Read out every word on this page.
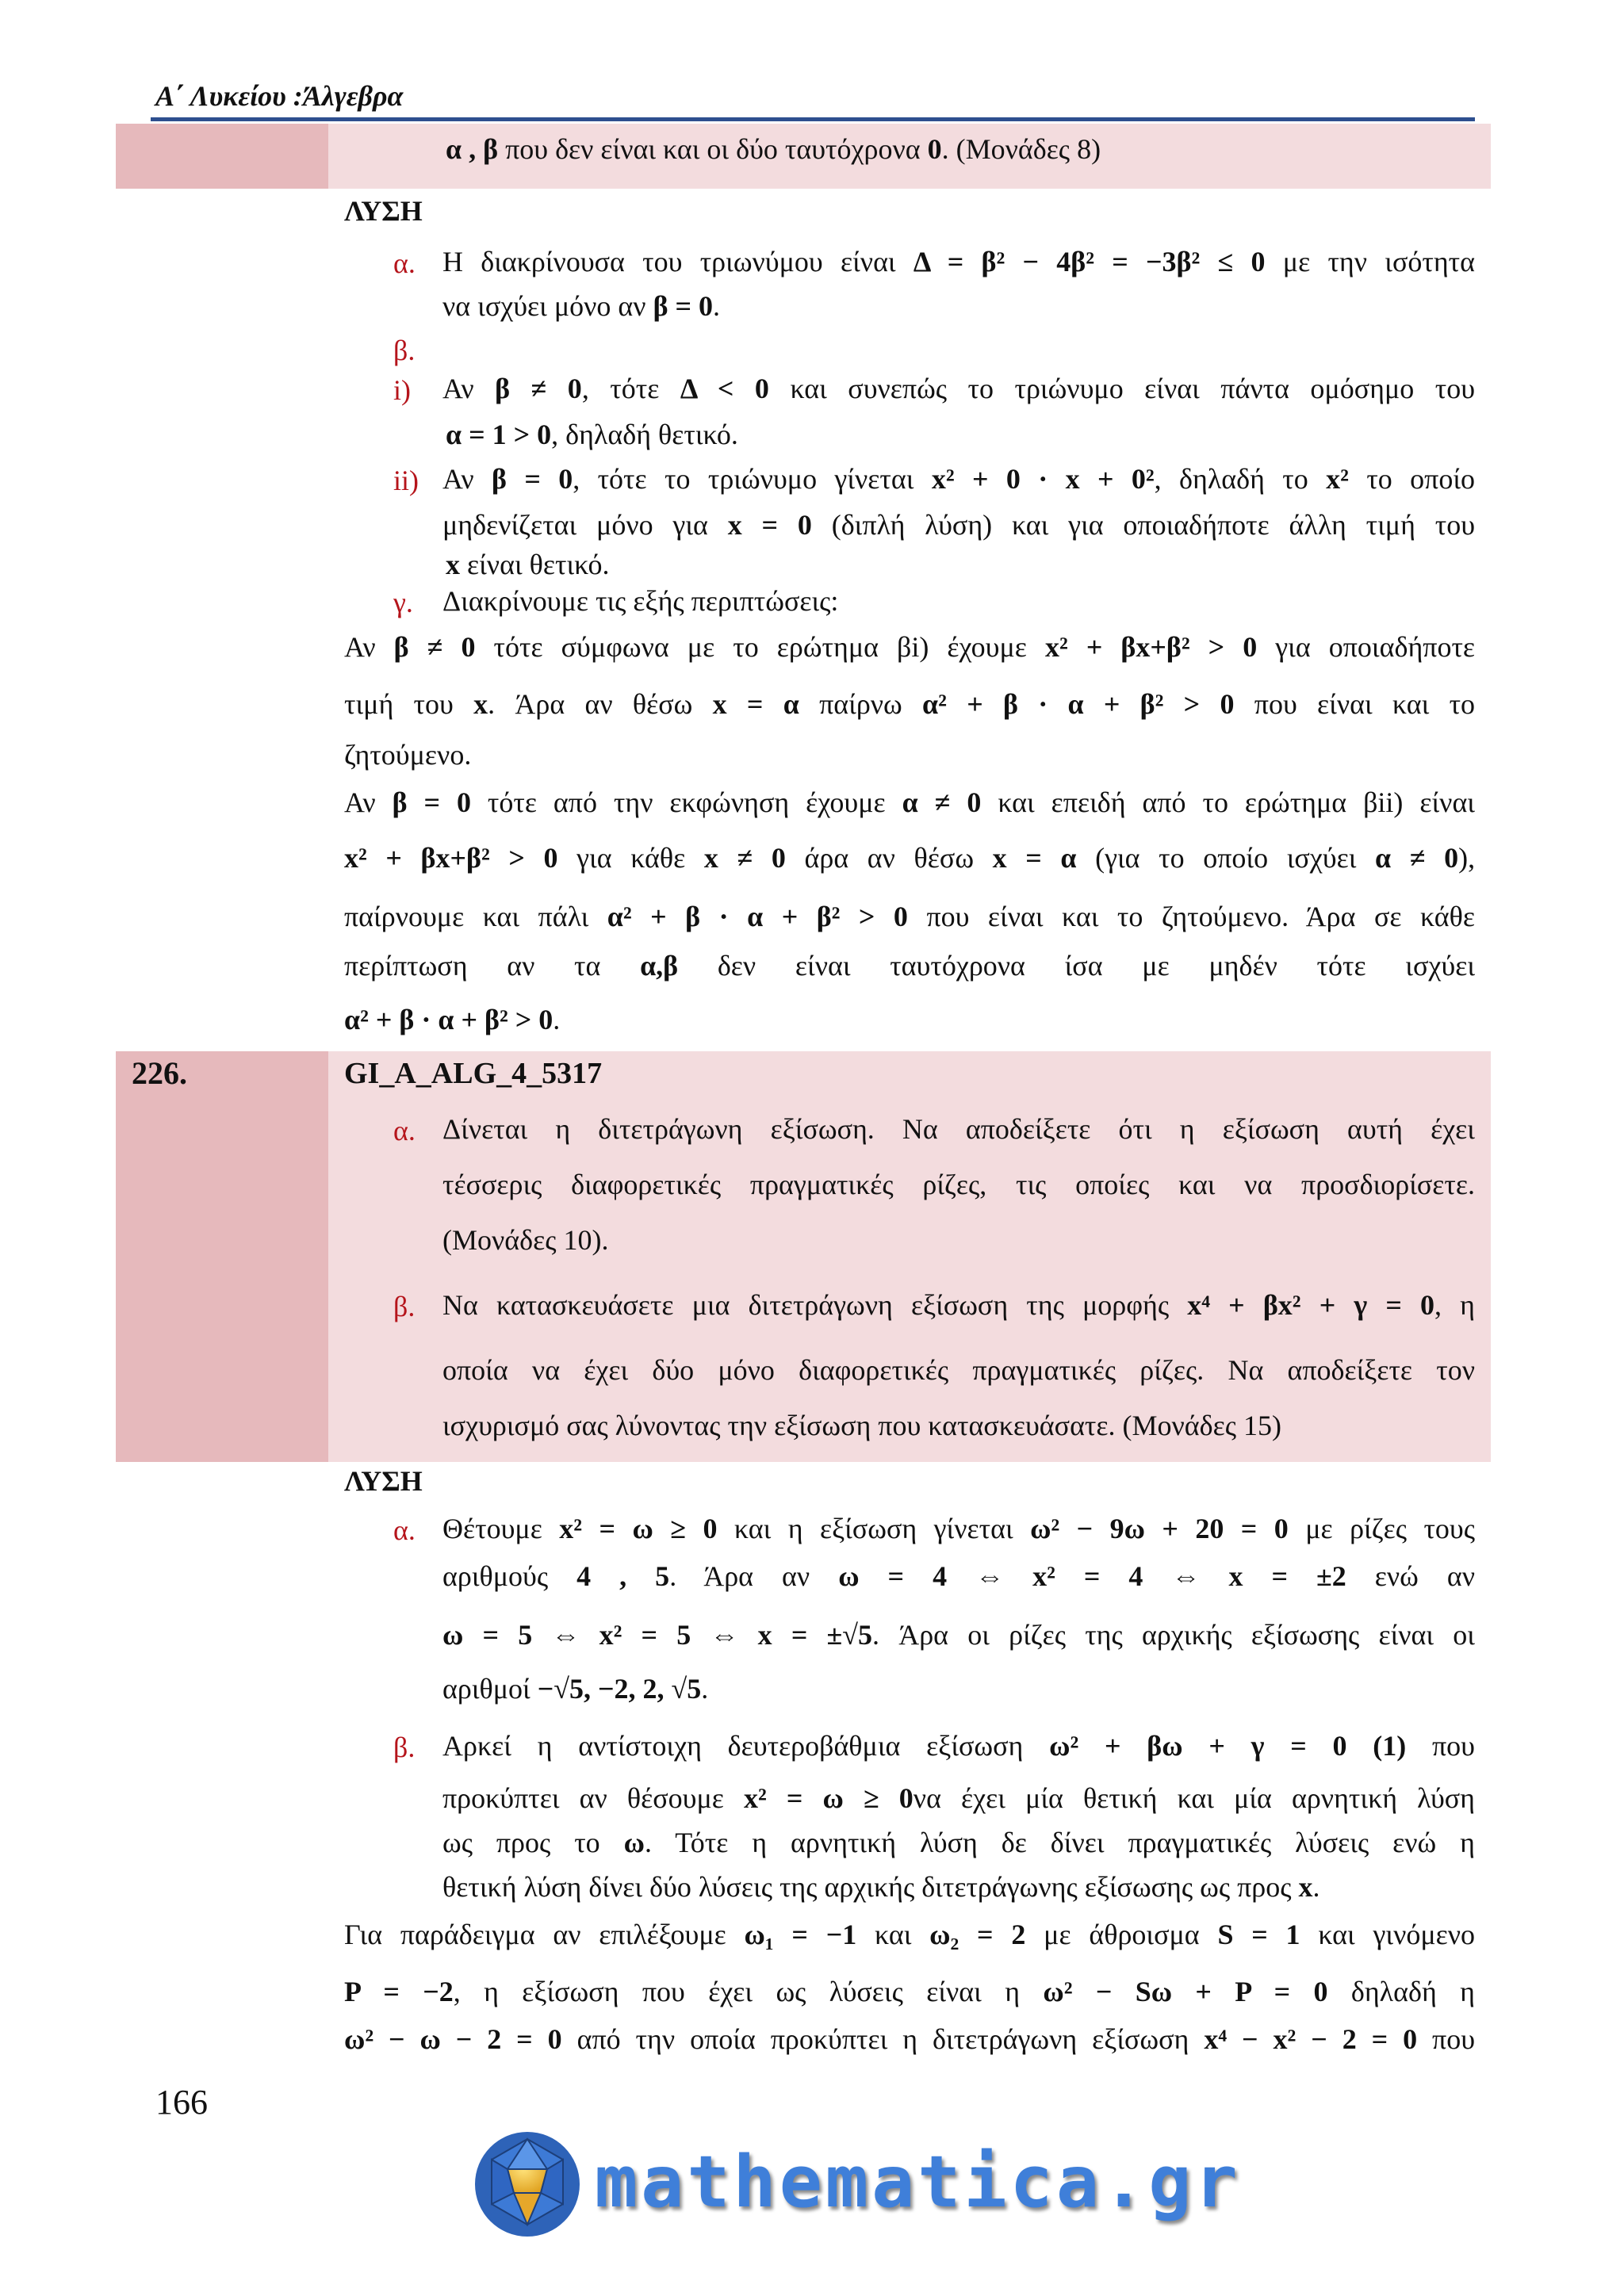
Α΄ Λυκείου :Άλγεβρα
α , β που δεν είναι και οι δύο ταυτόχρονα 0. (Μονάδες 8)
ΛΥΣΗ
α. Η διακρίνουσα του τριωνύμου είναι Δ = β² − 4β² = −3β² ≤ 0 με την ισότητα
να ισχύει μόνο αν β = 0.
β.
i) Αν β ≠ 0, τότε Δ < 0 και συνεπώς το τριώνυμο είναι πάντα ομόσημο του
α = 1 > 0, δηλαδή θετικό.
ii) Αν β = 0, τότε το τριώνυμο γίνεται x² + 0 · x + 0², δηλαδή το x² το οποίο
μηδενίζεται μόνο για x = 0 (διπλή λύση) και για οποιαδήποτε άλλη τιμή του
x είναι θετικό.
γ. Διακρίνουμε τις εξής περιπτώσεις:
Αν β ≠ 0 τότε σύμφωνα με το ερώτημα βi) έχουμε x² + βx+β² > 0 για οποιαδήποτε
τιμή του x. Άρα αν θέσω x = α παίρνω α² + β · α + β² > 0 που είναι και το
ζητούμενο.
Αν β = 0 τότε από την εκφώνηση έχουμε α ≠ 0 και επειδή από το ερώτημα βii) είναι
x² + βx+β² > 0 για κάθε x ≠ 0 άρα αν θέσω x = α (για το οποίο ισχύει α ≠ 0),
παίρνουμε και πάλι α² + β · α + β² > 0 που είναι και το ζητούμενο. Άρα σε κάθε
περίπτωση αν τα α,β δεν είναι ταυτόχρονα ίσα με μηδέν τότε ισχύει
α² + β · α + β² > 0.
226.	GI_A_ALG_4_5317
α. Δίνεται η διτετράγωνη εξίσωση. Να αποδείξετε ότι η εξίσωση αυτή έχει
τέσσερις διαφορετικές πραγματικές ρίζες, τις οποίες και να προσδιορίσετε.
(Μονάδες 10).
β. Να κατασκευάσετε μια διτετράγωνη εξίσωση της μορφής x⁴ + βx² + γ = 0, η
οποία να έχει δύο μόνο διαφορετικές πραγματικές ρίζες. Να αποδείξετε τον
ισχυρισμό σας λύνοντας την εξίσωση που κατασκευάσατε. (Μονάδες 15)
ΛΥΣΗ
α. Θέτουμε x² = ω ≥ 0 και η εξίσωση γίνεται ω² − 9ω + 20 = 0 με ρίζες τους
αριθμούς 4 , 5. Άρα αν ω = 4 ⇔ x² = 4 ⇔ x = ±2 ενώ αν
ω = 5 ⇔ x² = 5 ⇔ x = ±√5. Άρα οι ρίζες της αρχικής εξίσωσης είναι οι
αριθμοί −√5, −2, 2, √5.
β. Αρκεί η αντίστοιχη δευτεροβάθμια εξίσωση ω² + βω + γ = 0 (1) που
προκύπτει αν θέσουμε x² = ω ≥ 0να έχει μία θετική και μία αρνητική λύση
ως προς το ω. Τότε η αρνητική λύση δε δίνει πραγματικές λύσεις ενώ η
θετική λύση δίνει δύο λύσεις της αρχικής διτετράγωνης εξίσωσης ως προς x.
Για παράδειγμα αν επιλέξουμε ω₁ = −1 και ω₂ = 2 με άθροισμα S = 1 και γινόμενο
P = −2, η εξίσωση που έχει ως λύσεις είναι η ω² − Sω + P = 0 δηλαδή η
ω² − ω − 2 = 0 από την οποία προκύπτει η διτετράγωνη εξίσωση x⁴ − x² − 2 = 0 που
166
mathematica.gr
